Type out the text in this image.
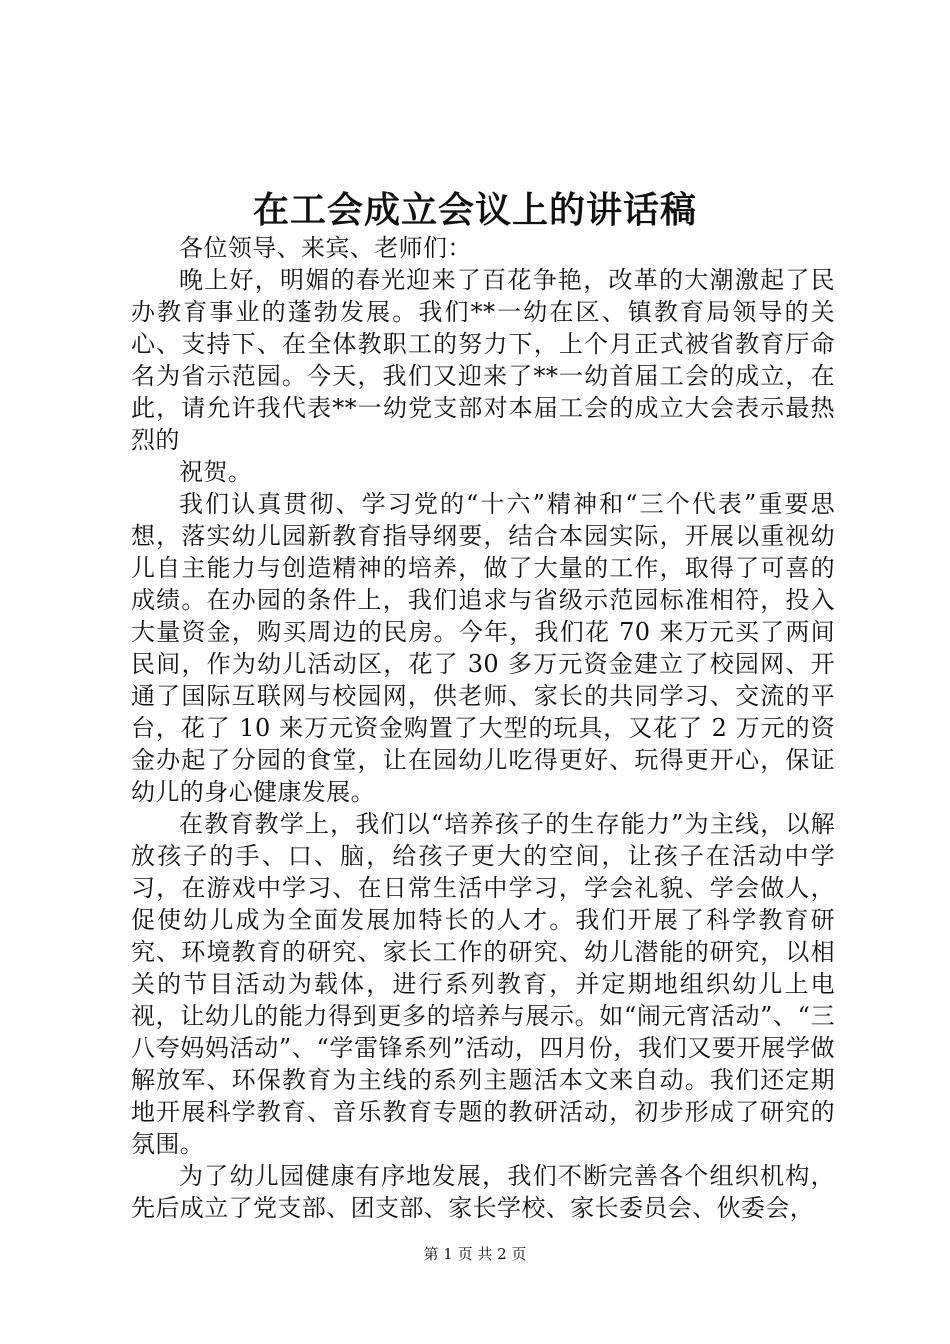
在工会成立会议上的讲话稿

各位领导、来宾、老师们：

晚上好，明媚的春光迎来了百花争艳，改革的大潮激起了民办教育事业的蓬勃发展。我们**一幼在区、镇教育局领导的关心、支持下、在全体教职工的努力下，上个月正式被省教育厅命名为省示范园。今天，我们又迎来了**一幼首届工会的成立，在此，请允许我代表**一幼党支部对本届工会的成立大会表示最热烈的

祝贺。

我们认真贯彻、学习党的“十六”精神和“三个代表”重要思想，落实幼儿园新教育指导纲要，结合本园实际，开展以重视幼儿自主能力与创造精神的培养，做了大量的工作，取得了可喜的成绩。在办园的条件上，我们追求与省级示范园标准相符，投入大量资金，购买周边的民房。今年，我们花 70 来万元买了两间民间，作为幼儿活动区，花了 30 多万元资金建立了校园网、开通了国际互联网与校园网，供老师、家长的共同学习、交流的平台，花了 10 来万元资金购置了大型的玩具，又花了 2 万元的资金办起了分园的食堂，让在园幼儿吃得更好、玩得更开心，保证幼儿的身心健康发展。

在教育教学上，我们以“培养孩子的生存能力”为主线，以解放孩子的手、口、脑，给孩子更大的空间，让孩子在活动中学习，在游戏中学习、在日常生活中学习，学会礼貌、学会做人，促使幼儿成为全面发展加特长的人才。我们开展了科学教育研究、环境教育的研究、家长工作的研究、幼儿潜能的研究，以相关的节目活动为载体，进行系列教育，并定期地组织幼儿上电视，让幼儿的能力得到更多的培养与展示。如“闹元宵活动”、“三八夸妈妈活动”、“学雷锋系列”活动，四月份，我们又要开展学做解放军、环保教育为主线的系列主题活本文来自动。我们还定期地开展科学教育、音乐教育专题的教研活动，初步形成了研究的氛围。

为了幼儿园健康有序地发展，我们不断完善各个组织机构，先后成立了党支部、团支部、家长学校、家长委员会、伙委会，

第 1 页 共 2 页
